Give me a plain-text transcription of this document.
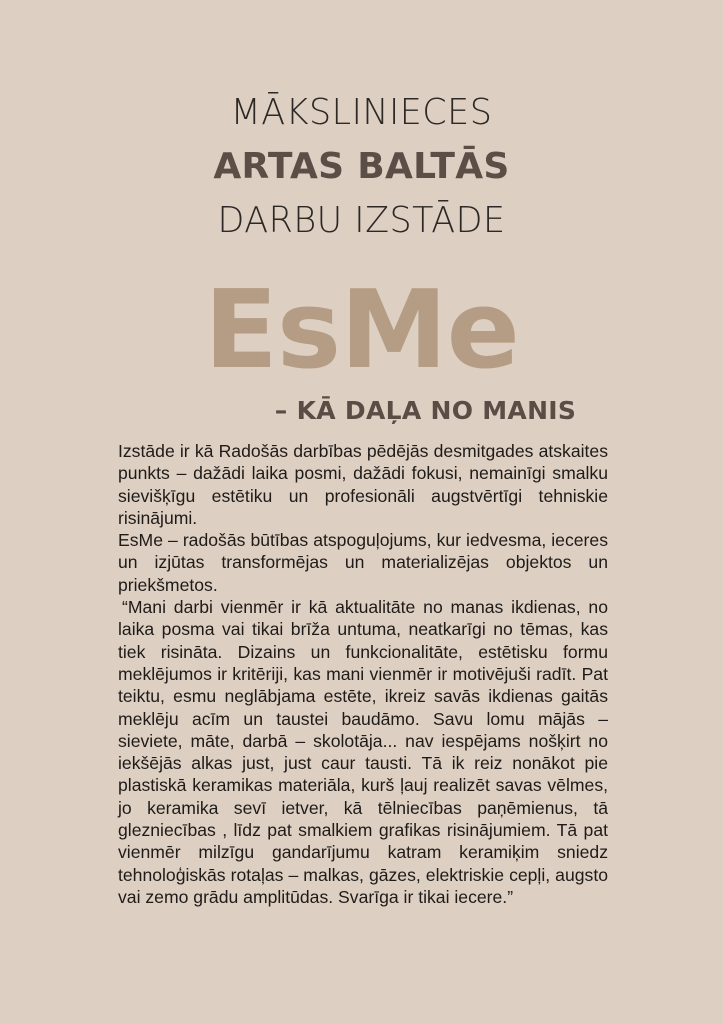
MĀKSLINIECES
ARTAS BALTĀS
DARBU IZSTĀDE
EsMe
– KĀ DAĻA NO MANIS

Izstāde ir kā Radošās darbības pēdējās desmitgades atskaites punkts – dažādi laika posmi, dažādi fokusi, nemainīgi smalku sievišķīgu estētiku un profesionāli augstvērtīgi tehniskie risinājumi.

EsMe – radošās būtības atspoguļojums, kur iedvesma, ieceres un izjūtas transformējas un materializējas objektos un priekšmetos.

“Mani darbi vienmēr ir kā aktualitāte no manas ikdienas, no laika posma vai tikai brīža untuma, neatkarīgi no tēmas, kas tiek risināta. Dizains un funkcionalitāte, estētisku formu meklējumos ir kritēriji, kas mani vienmēr ir motivējuši radīt. Pat teiktu, esmu neglābjama estēte, ikreiz savās ikdienas gaitās meklēju acīm un taustei baudāmo. Savu lomu mājās – sieviete, māte, darbā – skolotāja... nav iespējams nošķirt no iekšējās alkas just, just caur tausti. Tā ik reiz nonākot pie plastiskā keramikas materiāla, kurš ļauj realizēt savas vēlmes, jo keramika sevī ietver, kā tēlniecības paņēmienus, tā glezniecības , līdz pat smalkiem grafikas risinājumiem. Tā pat vienmēr milzīgu gandarījumu katram keramiķim sniedz tehnoloģiskās rotaļas – malkas, gāzes, elektriskie cepļi, augsto vai zemo grādu amplitūdas. Svarīga ir tikai iecere.”
